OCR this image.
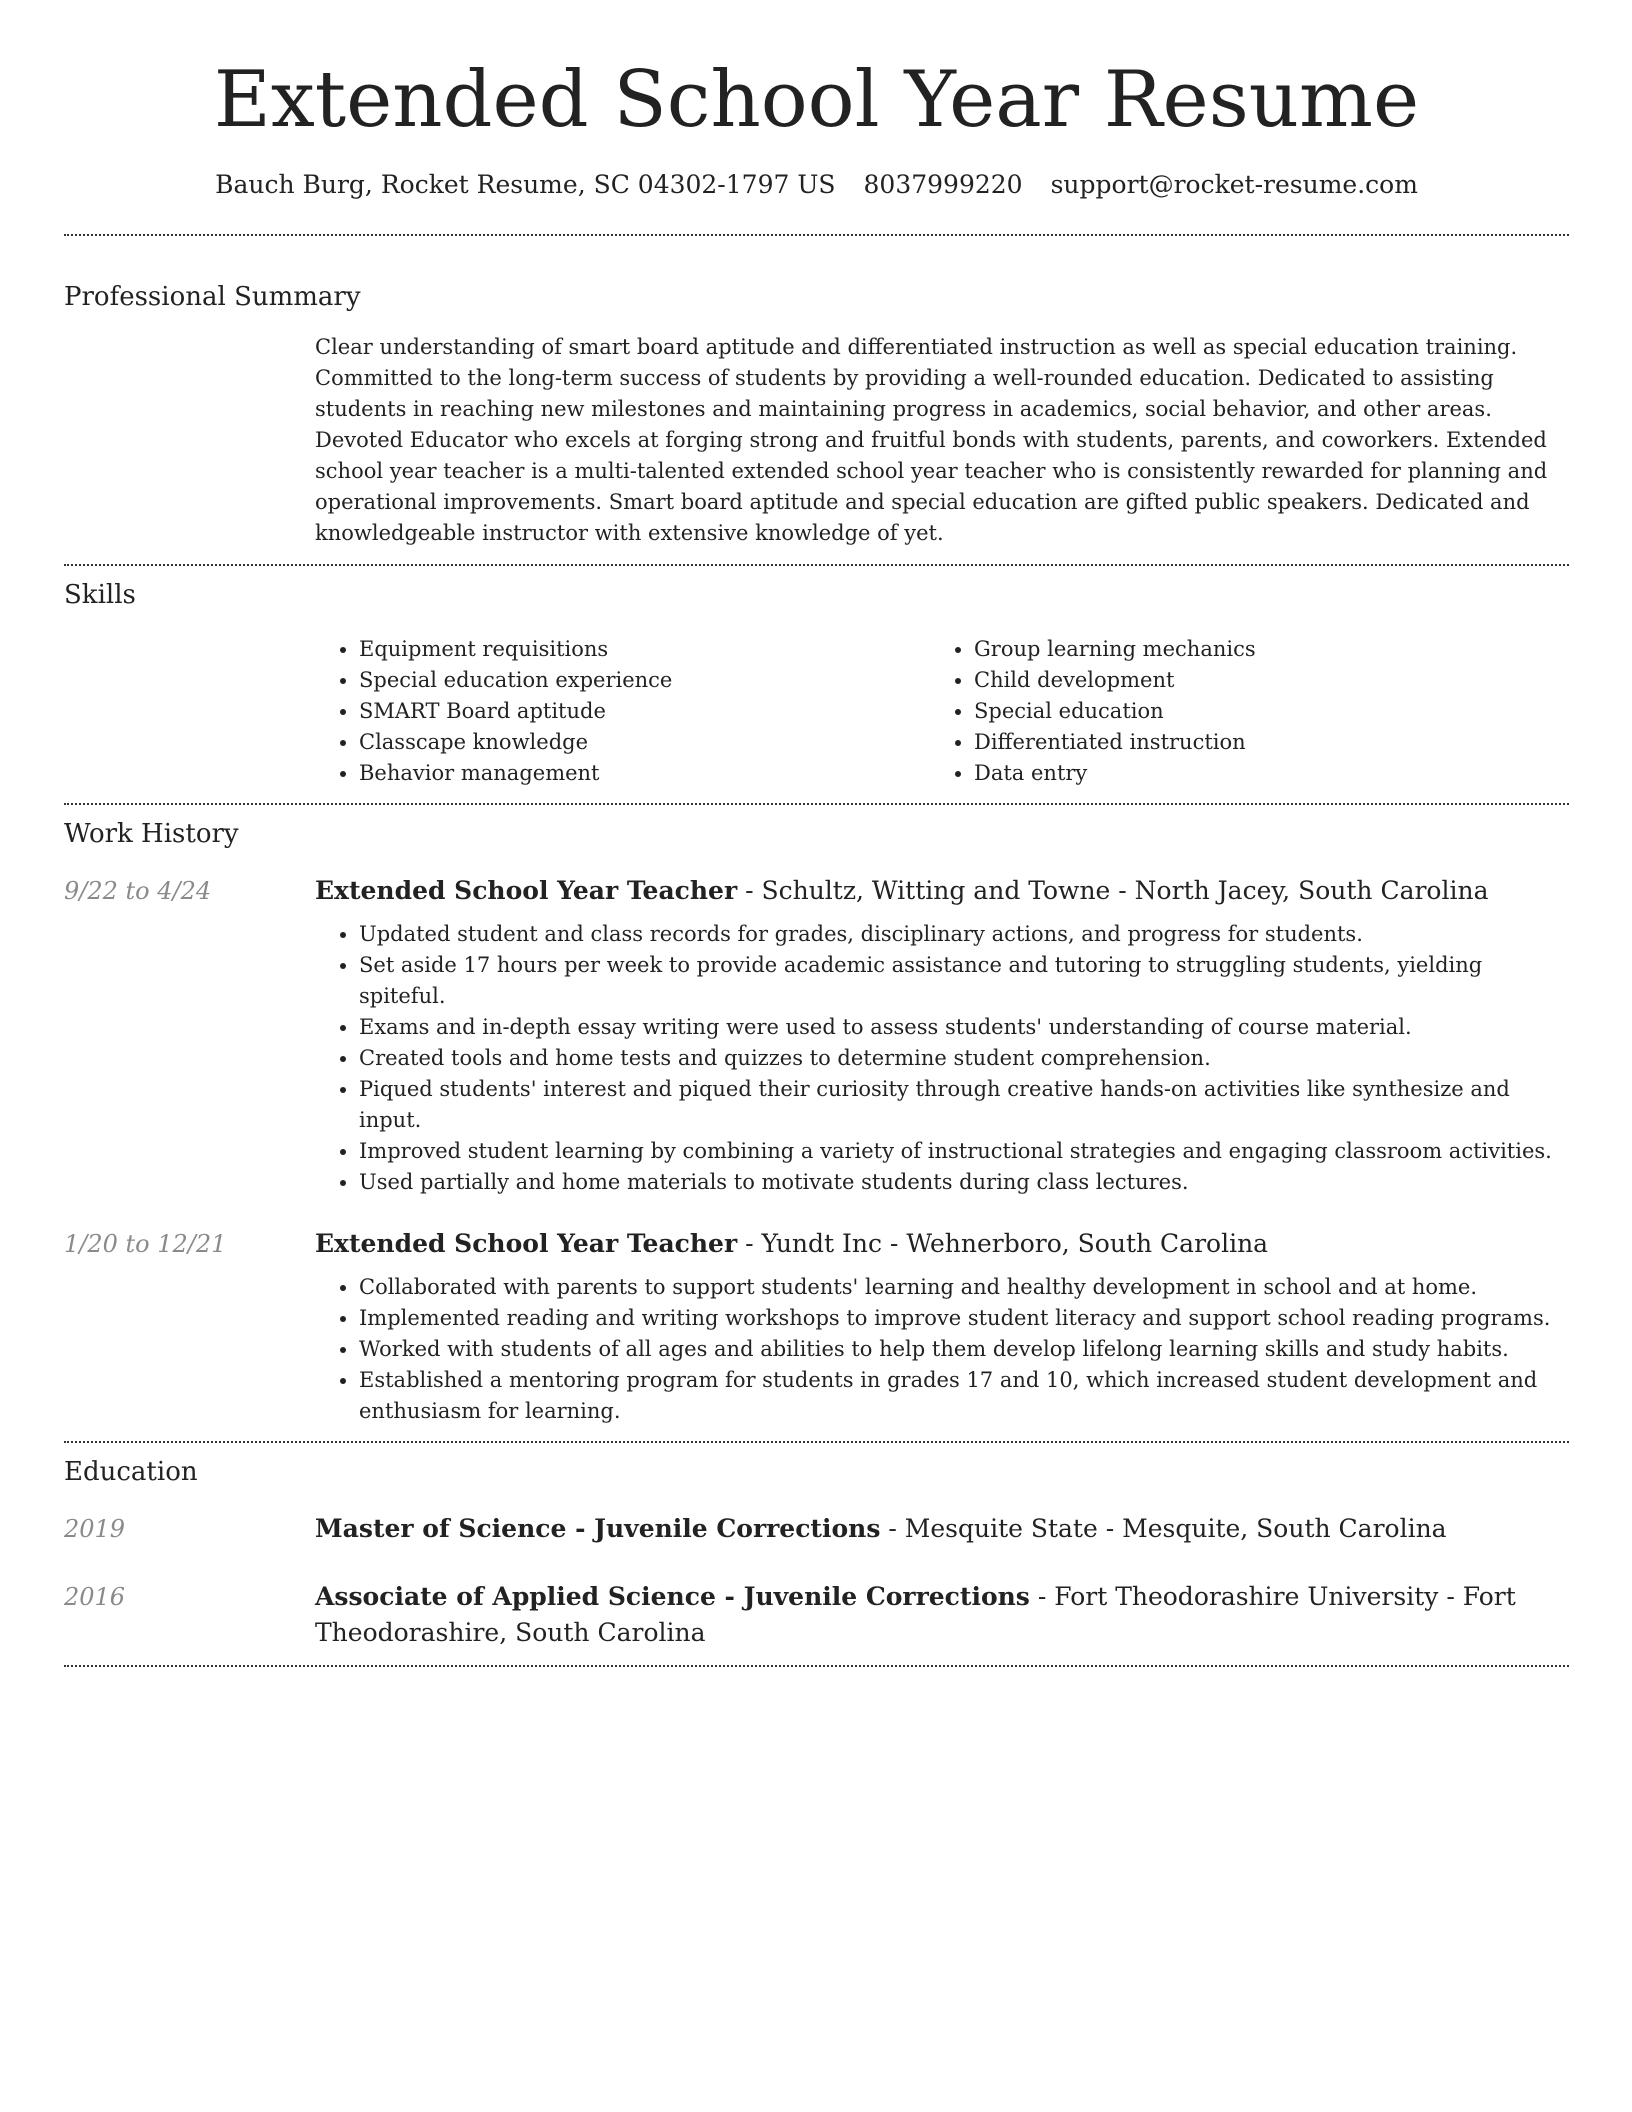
Extended School Year Resume
Bauch Burg, Rocket Resume, SC 04302-1797 US 8037999220 support@rocket-resume.com
Professional Summary
Clear understanding of smart board aptitude and differentiated instruction as well as special education training. Committed to the long-term success of students by providing a well-rounded education. Dedicated to assisting students in reaching new milestones and maintaining progress in academics, social behavior, and other areas. Devoted Educator who excels at forging strong and fruitful bonds with students, parents, and coworkers. Extended school year teacher is a multi-talented extended school year teacher who is consistently rewarded for planning and operational improvements. Smart board aptitude and special education are gifted public speakers. Dedicated and knowledgeable instructor with extensive knowledge of yet.
Skills
• Equipment requisitions
• Special education experience
• SMART Board aptitude
• Classcape knowledge
• Behavior management
• Group learning mechanics
• Child development
• Special education
• Differentiated instruction
• Data entry
Work History
9/22 to 4/24	Extended School Year Teacher - Schultz, Witting and Towne - North Jacey, South Carolina
• Updated student and class records for grades, disciplinary actions, and progress for students.
• Set aside 17 hours per week to provide academic assistance and tutoring to struggling students, yielding spiteful.
• Exams and in-depth essay writing were used to assess students' understanding of course material.
• Created tools and home tests and quizzes to determine student comprehension.
• Piqued students' interest and piqued their curiosity through creative hands-on activities like synthesize and input.
• Improved student learning by combining a variety of instructional strategies and engaging classroom activities.
• Used partially and home materials to motivate students during class lectures.
1/20 to 12/21	Extended School Year Teacher - Yundt Inc - Wehnerboro, South Carolina
• Collaborated with parents to support students' learning and healthy development in school and at home.
• Implemented reading and writing workshops to improve student literacy and support school reading programs.
• Worked with students of all ages and abilities to help them develop lifelong learning skills and study habits.
• Established a mentoring program for students in grades 17 and 10, which increased student development and enthusiasm for learning.
Education
2019	Master of Science - Juvenile Corrections - Mesquite State - Mesquite, South Carolina
2016	Associate of Applied Science - Juvenile Corrections - Fort Theodorashire University - Fort Theodorashire, South Carolina
